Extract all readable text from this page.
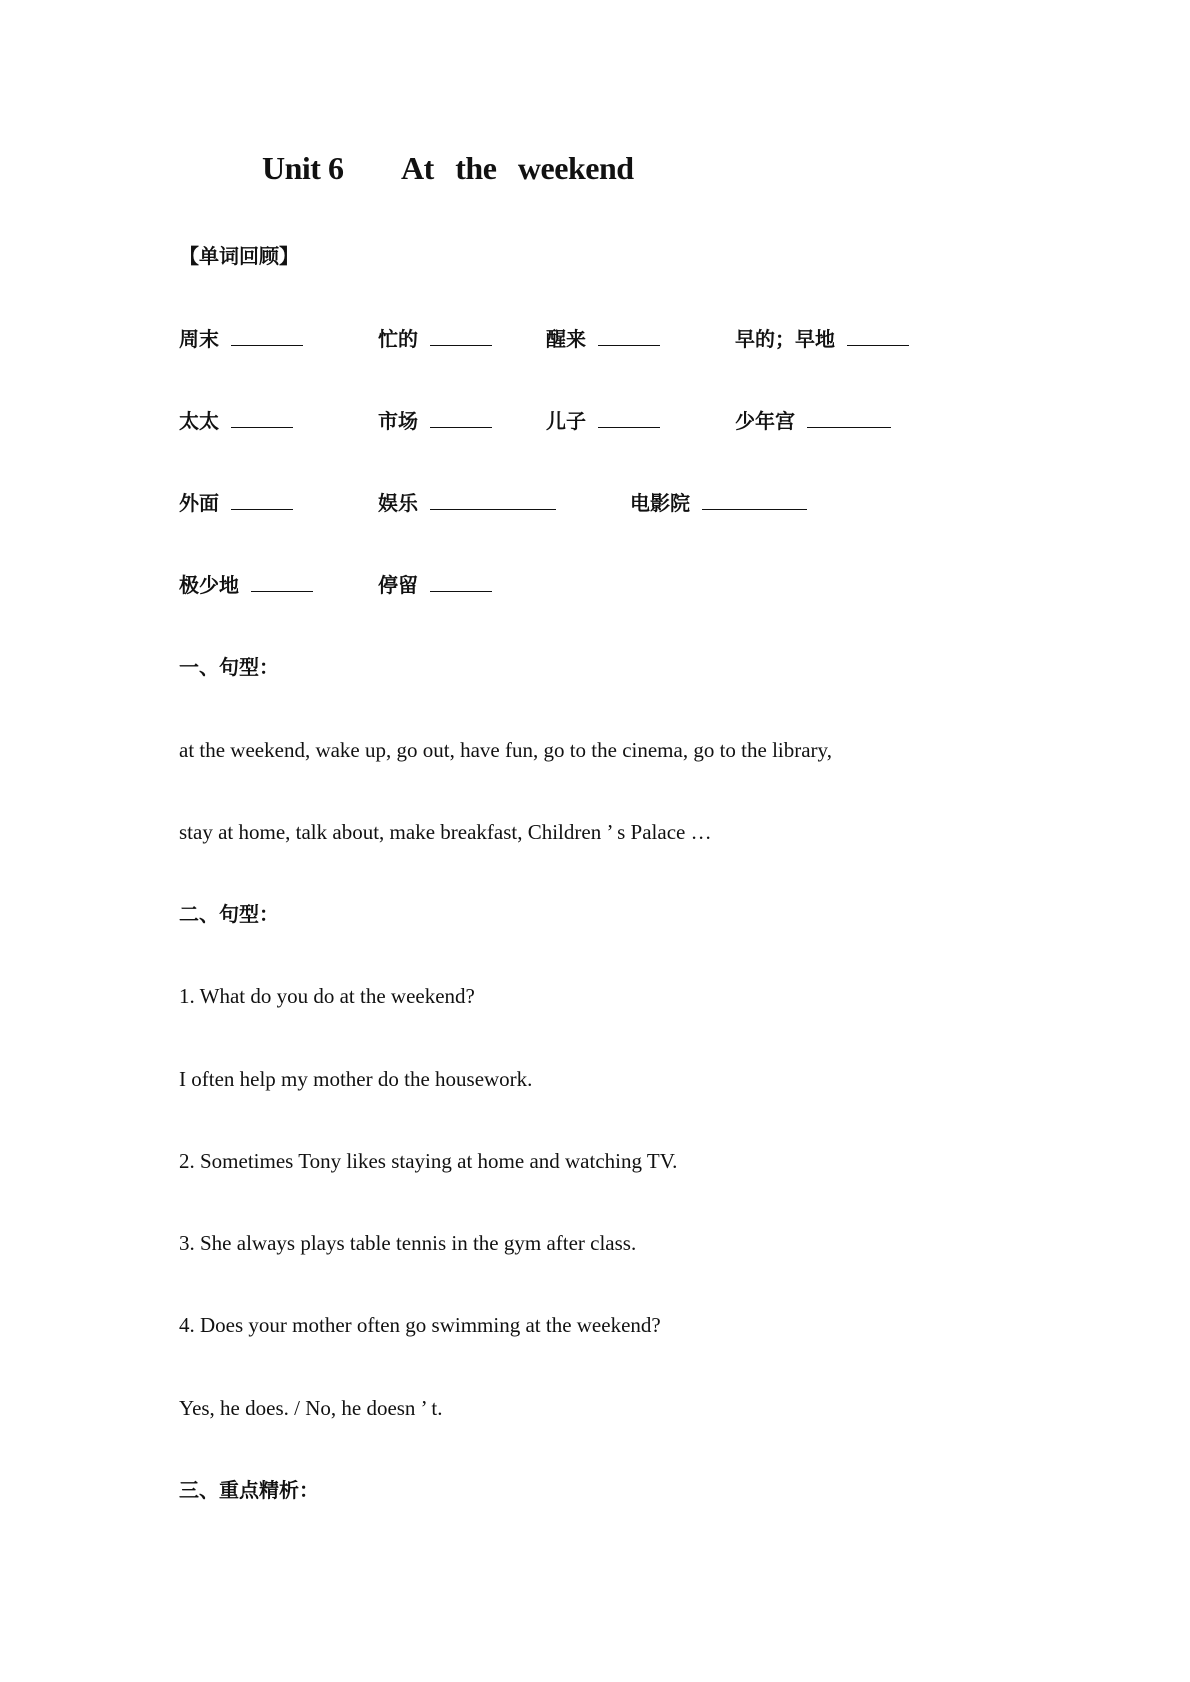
Unit 6 At the weekend
【单词回顾】
周末	忙的	醒来	早的；早地
太太	市场	儿子	少年宫
外面	娱乐	电影院
极少地	停留
一、句型：
at the weekend, wake up, go out, have fun, go to the cinema, go to the library,
stay at home, talk about, make breakfast, Children ’ s Palace …
二、句型：
1. What do you do at the weekend?
I often help my mother do the housework.
2. Sometimes Tony likes staying at home and watching TV.
3. She always plays table tennis in the gym after class.
4. Does your mother often go swimming at the weekend?
Yes, he does. / No, he doesn ’ t.
三、重点精析：
